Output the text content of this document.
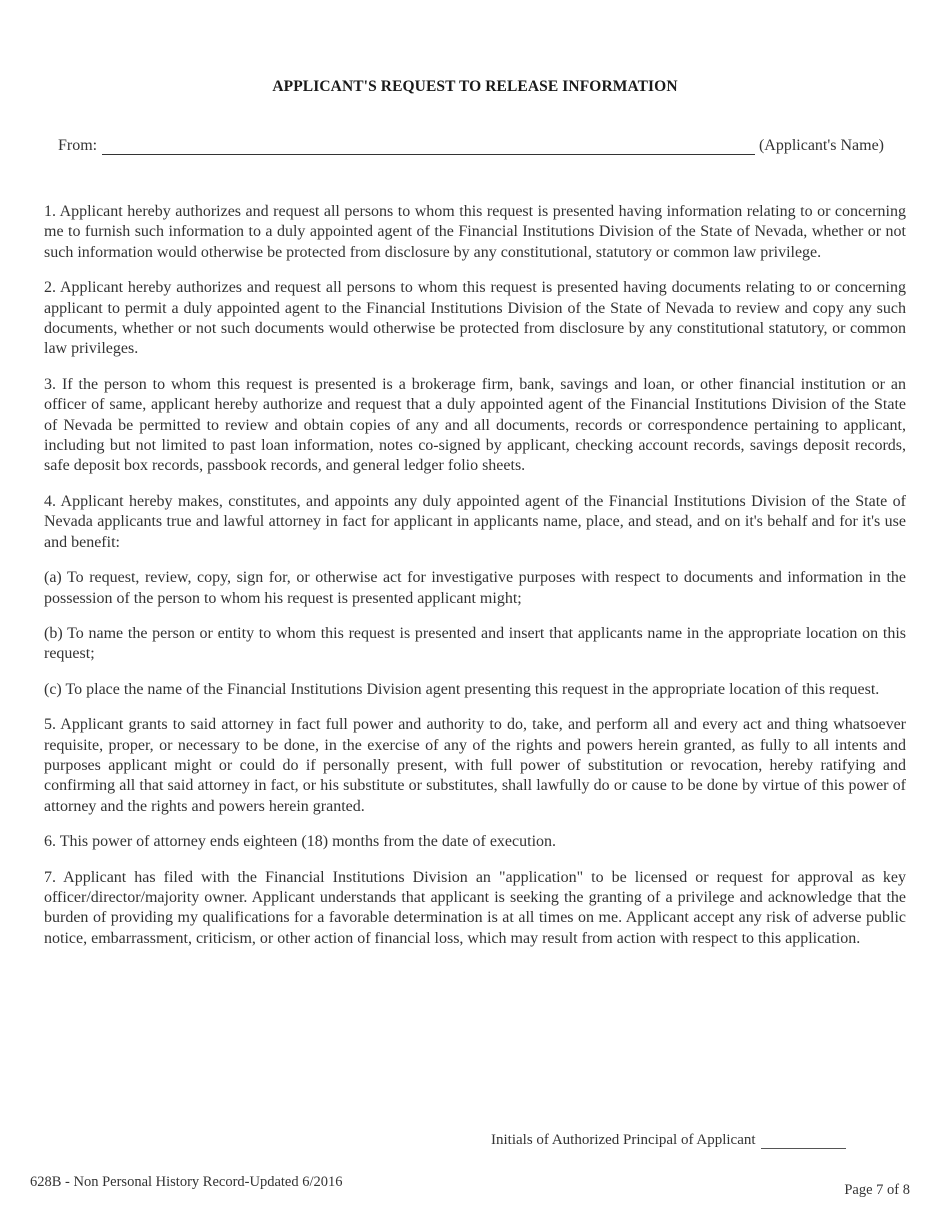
APPLICANT'S REQUEST TO RELEASE INFORMATION
From:	(Applicant's Name)

1. Applicant hereby authorizes and request all persons to whom this request is presented having information relating to or concerning me to furnish such information to a duly appointed agent of the Financial Institutions Division of the State of Nevada, whether or not such information would otherwise be protected from disclosure by any constitutional, statutory or common law privilege.

2. Applicant hereby authorizes and request all persons to whom this request is presented having documents relating to or concerning applicant to permit a duly appointed agent to the Financial Institutions Division of the State of Nevada to review and copy any such documents, whether or not such documents would otherwise be protected from disclosure by any constitutional statutory, or common law privileges.

3. If the person to whom this request is presented is a brokerage firm, bank, savings and loan, or other financial institution or an officer of same, applicant hereby authorize and request that a duly appointed agent of the Financial Institutions Division of the State of Nevada be permitted to review and obtain copies of any and all documents, records or correspondence pertaining to applicant, including but not limited to past loan information, notes co-signed by applicant, checking account records, savings deposit records, safe deposit box records, passbook records, and general ledger folio sheets.

4. Applicant hereby makes, constitutes, and appoints any duly appointed agent of the Financial Institutions Division of the State of Nevada applicants true and lawful attorney in fact for applicant in applicants name, place, and stead, and on it's behalf and for it's use and benefit:

(a) To request, review, copy, sign for, or otherwise act for investigative purposes with respect to documents and information in the possession of the person to whom his request is presented applicant might;

(b) To name the person or entity to whom this request is presented and insert that applicants name in the appropriate location on this request;

(c) To place the name of the Financial Institutions Division agent presenting this request in the appropriate location of this request.

5. Applicant grants to said attorney in fact full power and authority to do, take, and perform all and every act and thing whatsoever requisite, proper, or necessary to be done, in the exercise of any of the rights and powers herein granted, as fully to all intents and purposes applicant might or could do if personally present, with full power of substitution or revocation, hereby ratifying and confirming all that said attorney in fact, or his substitute or substitutes, shall lawfully do or cause to be done by virtue of this power of attorney and the rights and powers herein granted.

6. This power of attorney ends eighteen (18) months from the date of execution.

7. Applicant has filed with the Financial Institutions Division an "application" to be licensed or request for approval as key officer/director/majority owner. Applicant understands that applicant is seeking the granting of a privilege and acknowledge that the burden of providing my qualifications for a favorable determination is at all times on me. Applicant accept any risk of adverse public notice, embarrassment, criticism, or other action of financial loss, which may result from action with respect to this application.

Initials of Authorized Principal of Applicant
628B - Non Personal History Record-Updated 6/2016	Page 7 of 8
